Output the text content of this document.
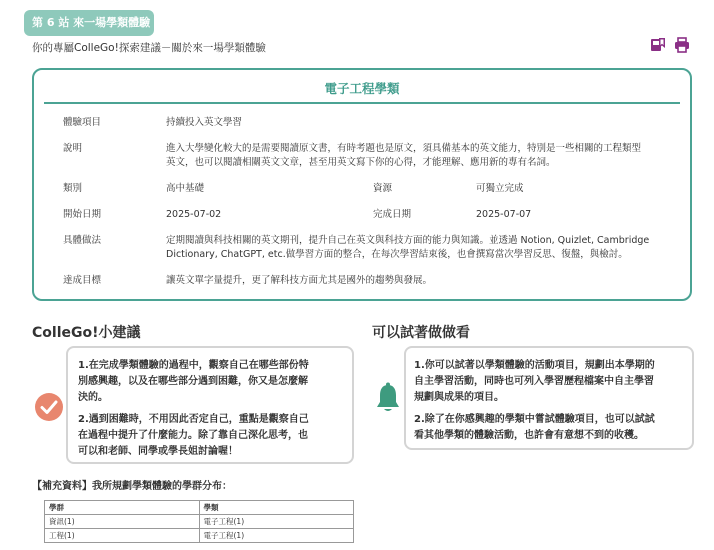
第 6 站 來一場學類體驗
你的專屬ColleGo!探索建議－關於來一場學類體驗
電子工程學類
體驗項目	持續投入英文學習
說明	進入大學變化較大的是需要閱讀原文書，有時考題也是原文，須具備基本的英文能力，特別是一些相關的工程類型
英文，也可以閱讀相關英文文章，甚至用英文寫下你的心得，才能理解、應用新的專有名詞。
類別	高中基礎	資源	可獨立完成
開始日期	2025-07-02	完成日期	2025-07-07
具體做法	定期閱讀與科技相關的英文期刊，提升自己在英文與科技方面的能力與知識。並透過 Notion, Quizlet, Cambridge
Dictionary, ChatGPT, etc.做學習方面的整合，在每次學習結束後，也會撰寫當次學習反思、復盤，與檢討。
達成目標	讓英文單字量提升，更了解科技方面尤其是國外的趨勢與發展。
ColleGo!小建議

1.在完成學類體驗的過程中，觀察自己在哪些部份特
別感興趣，以及在哪些部分遇到困難，你又是怎麼解
決的。

2.遇到困難時，不用因此否定自己，重點是觀察自己
在過程中提升了什麼能力。除了靠自己深化思考，也
可以和老師、同學或學長姐討論喔！

可以試著做做看

1.你可以試著以學類體驗的活動項目，規劃出本學期的
自主學習活動，同時也可列入學習歷程檔案中自主學習
規劃與成果的項目。

2.除了在你感興趣的學類中嘗試體驗項目，也可以試試
看其他學類的體驗活動，也許會有意想不到的收穫。

【補充資料】我所規劃學類體驗的學群分布：
學群	學類
資訊(1)	電子工程(1)
工程(1)	電子工程(1)
